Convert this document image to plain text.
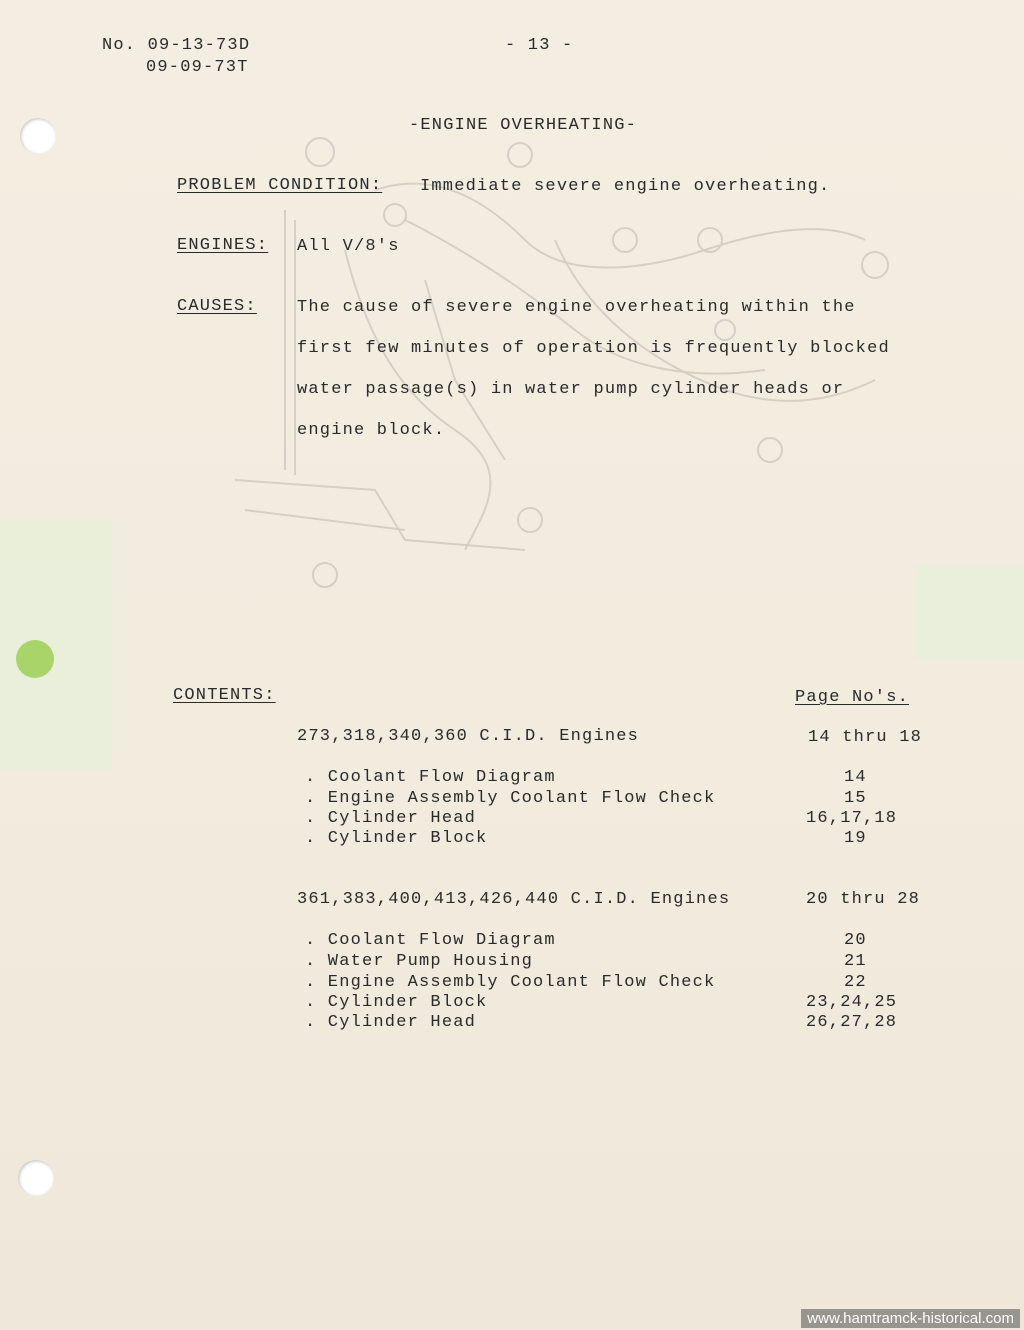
No. 09-13-73D
09-09-73T
- 13 -
-ENGINE OVERHEATING-
PROBLEM CONDITION: Immediate severe engine overheating.
ENGINES: All V/8's
CAUSES: The cause of severe engine overheating within the
first few minutes of operation is frequently blocked
water passage(s) in water pump cylinder heads or
engine block.
CONTENTS:	Page No's.
273,318,340,360 C.I.D. Engines	14 thru 18
. Coolant Flow Diagram	14
. Engine Assembly Coolant Flow Check	15
. Cylinder Head	16,17,18
. Cylinder Block	19
361,383,400,413,426,440 C.I.D. Engines	20 thru 28
. Coolant Flow Diagram	20
. Water Pump Housing	21
. Engine Assembly Coolant Flow Check	22
. Cylinder Block	23,24,25
. Cylinder Head	26,27,28
www.hamtramck-historical.com
